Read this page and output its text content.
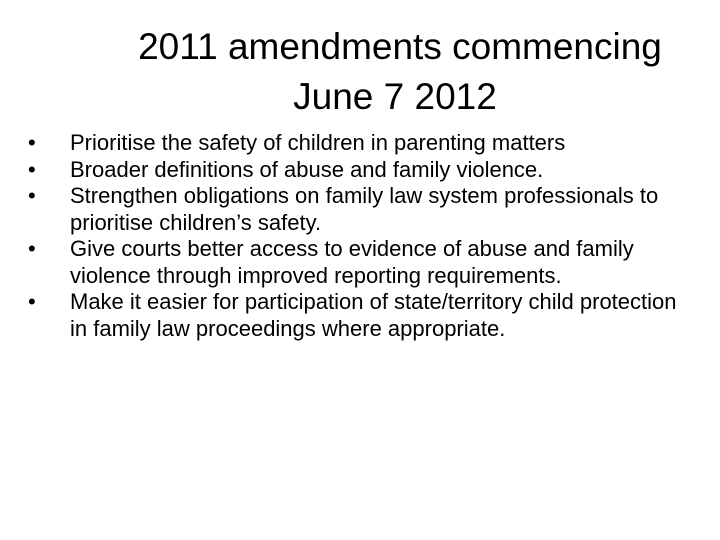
2011 amendments commencing
June 7 2012
•	Prioritise the safety of children in parenting matters
•	Broader definitions of abuse and family violence.
•	Strengthen obligations on family law system professionals to prioritise children’s safety.
•	Give courts better access to evidence of abuse and family violence through improved reporting requirements.
•	Make it easier for participation of state/territory child protection in family law proceedings where appropriate.
